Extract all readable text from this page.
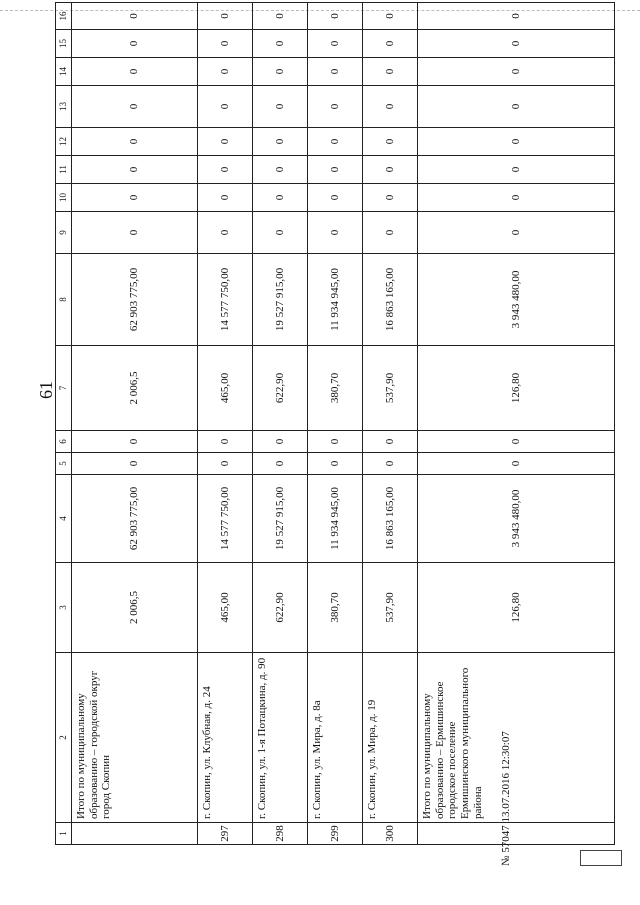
61
1	2	3	4	5	6	7	8	9	10	11	12	13	14	15	16
	Итого по муниципальному образованию – городской округ город Скопин	2 006,5	62 903 775,00	0	0	2 006,5	62 903 775,00	0	0	0	0	0	0	0	0
297	г. Скопин, ул. Клубная, д. 24	465,00	14 577 750,00	0	0	465,00	14 577 750,00	0	0	0	0	0	0	0	0
298	г. Скопин, ул. 1-я Потацкина, д. 90	622,90	19 527 915,00	0	0	622,90	19 527 915,00	0	0	0	0	0	0	0	0
299	г. Скопин, ул. Мира, д. 8а	380,70	11 934 945,00	0	0	380,70	11 934 945,00	0	0	0	0	0	0	0	0
300	г. Скопин, ул. Мира, д. 19	537,90	16 863 165,00	0	0	537,90	16 863 165,00	0	0	0	0	0	0	0	0
	Итого по муниципальному образованию – Ермишинское городское поселение Ермишинского муниципального района	126,80	3 943 480,00	0	0	126,80	3 943 480,00	0	0	0	0	0	0	0	0
№ 57047 13.07.2016 12:30:07
